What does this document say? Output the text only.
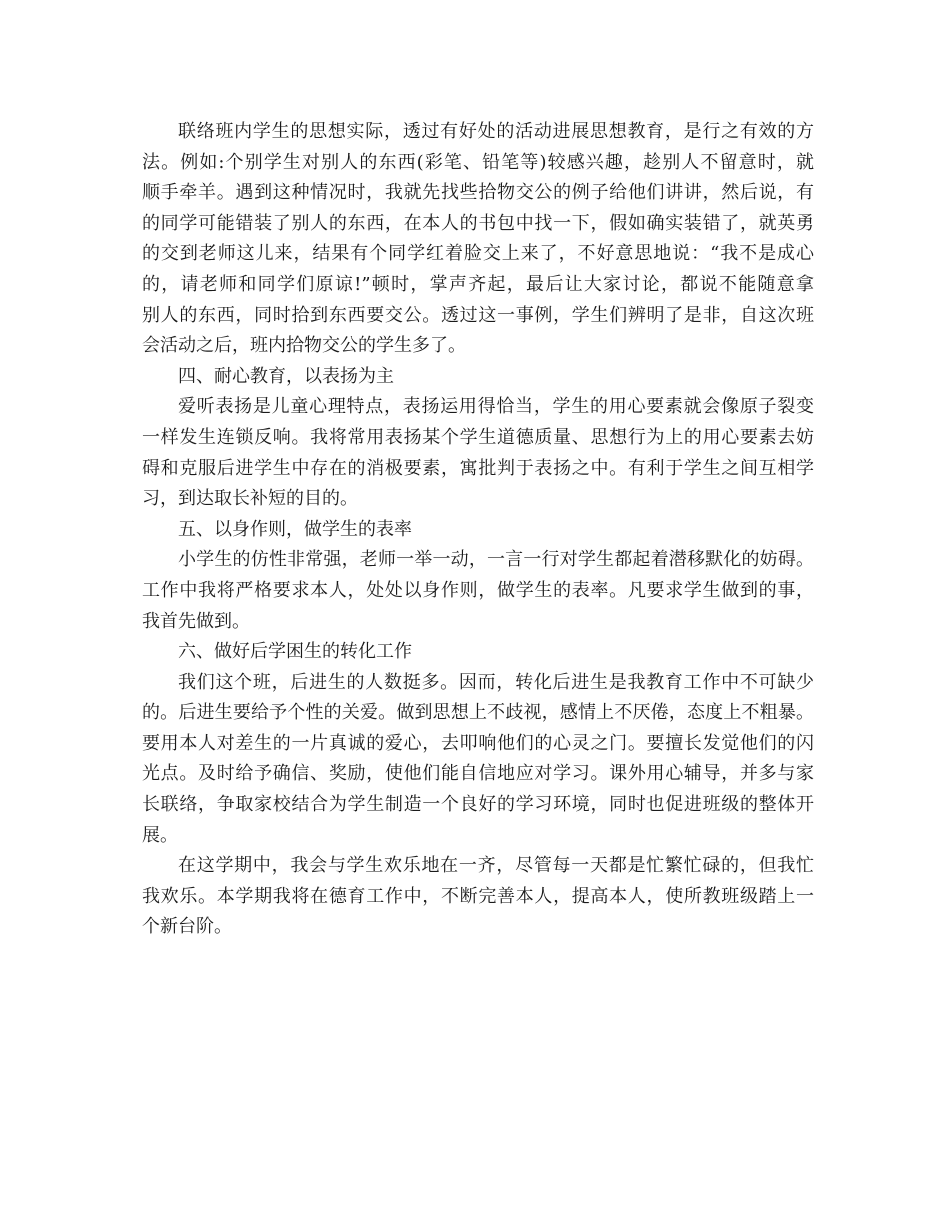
联络班内学生的思想实际，透过有好处的活动进展思想教育，是行之有效的方
法。例如:个别学生对别人的东西(彩笔、铅笔等)较感兴趣，趁别人不留意时，就
顺手牵羊。遇到这种情况时，我就先找些拾物交公的例子给他们讲讲，然后说，有
的同学可能错装了别人的东西，在本人的书包中找一下，假如确实装错了，就英勇
的交到老师这儿来，结果有个同学红着脸交上来了，不好意思地说：“我不是成心
的，请老师和同学们原谅!”顿时，掌声齐起，最后让大家讨论，都说不能随意拿
别人的东西，同时拾到东西要交公。透过这一事例，学生们辨明了是非，自这次班
会活动之后，班内拾物交公的学生多了。
四、耐心教育，以表扬为主
爱听表扬是儿童心理特点，表扬运用得恰当，学生的用心要素就会像原子裂变
一样发生连锁反响。我将常用表扬某个学生道德质量、思想行为上的用心要素去妨
碍和克服后进学生中存在的消极要素，寓批判于表扬之中。有利于学生之间互相学
习，到达取长补短的目的。
五、以身作则，做学生的表率
小学生的仿性非常强，老师一举一动，一言一行对学生都起着潜移默化的妨碍。
工作中我将严格要求本人，处处以身作则，做学生的表率。凡要求学生做到的事，
我首先做到。
六、做好后学困生的转化工作
我们这个班，后进生的人数挺多。因而，转化后进生是我教育工作中不可缺少
的。后进生要给予个性的关爱。做到思想上不歧视，感情上不厌倦，态度上不粗暴。
要用本人对差生的一片真诚的爱心，去叩响他们的心灵之门。要擅长发觉他们的闪
光点。及时给予确信、奖励，使他们能自信地应对学习。课外用心辅导，并多与家
长联络，争取家校结合为学生制造一个良好的学习环境，同时也促进班级的整体开
展。
在这学期中，我会与学生欢乐地在一齐，尽管每一天都是忙繁忙碌的，但我忙
我欢乐。本学期我将在德育工作中，不断完善本人，提高本人，使所教班级踏上一
个新台阶。
